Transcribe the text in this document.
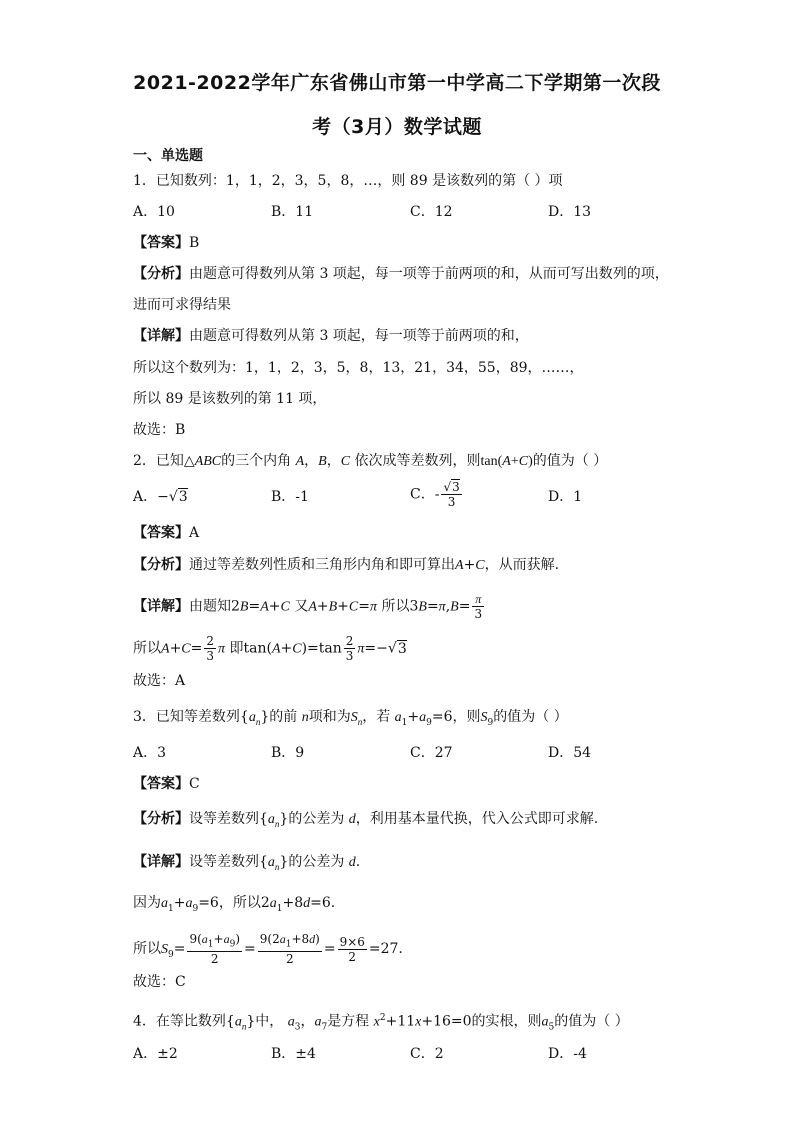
2021-2022学年广东省佛山市第一中学高二下学期第一次段
考（3月）数学试题
一、单选题
1．已知数列：1，1，2，3，5，8，…，则 89 是该数列的第（ ）项
A．10	B．11	C．12	D．13
【答案】B
【分析】由题意可得数列从第 3 项起，每一项等于前两项的和，从而可写出数列的项，
进而可求得结果
【详解】由题意可得数列从第 3 项起，每一项等于前两项的和，
所以这个数列为：1，1，2，3，5，8，13，21，34，55，89，……，
所以 89 是该数列的第 11 项，
故选：B
2．已知△ABC的三个内角 A，B，C 依次成等差数列，则tan(A+C)的值为（ ）
A．−√3	B．-1	C．- $\frac{√3}{3}$	D．1
【答案】A
【分析】通过等差数列性质和三角形内角和即可算出A+C，从而获解.
【详解】由题知2B=A+C 又A+B+C=π 所以$3B=\pi,B= \frac{\pi}{3}$
所以$A+C= \frac{2}{3}$ π 即$\tan(A+C)=\tan \frac{2}{3} \pi=-√3$
故选：A
3．已知等差数列$\{a_n\}$的前 n项和为$S_n$，若 $a_1+a_9=6$，则$S_9$的值为（ ）
A．3	B．9	C．27	D．54
【答案】C
【分析】设等差数列$\{a_n\}$的公差为 d，利用基本量代换，代入公式即可求解.
【详解】设等差数列$\{a_n\}$的公差为 d.
因为$a_1+a_9=6$，所以$2a_1+8d=6$.
所以$S_9= \frac{9(a_1+a_9)}{2} = \frac{9(2a_1+8d)}{2} = \frac{9\times 6}{2} =27$.
故选：C
4．在等比数列$\{a_n\}$中， $a_3$，$a_7$是方程 $x^2+11x+16=0$的实根，则$a_5$的值为（ ）
A．±2	B．±4	C．2	D．-4
